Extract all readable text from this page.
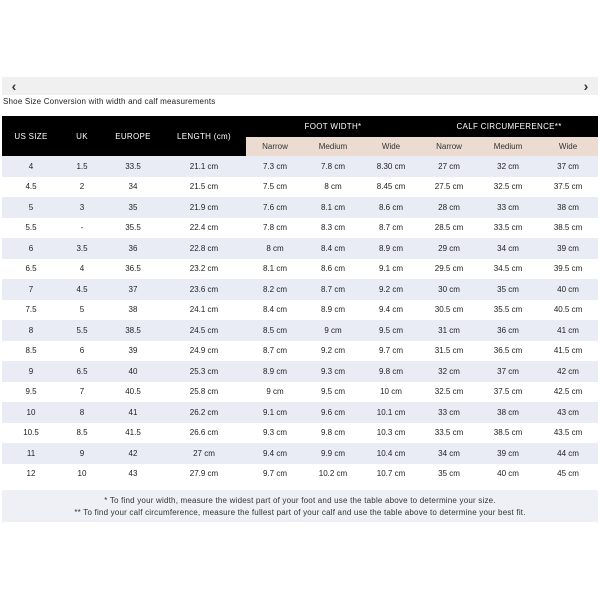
‹	›
Shoe Size Conversion with width and calf measurements
US SIZE	UK	EUROPE	LENGTH (cm)	FOOT WIDTH*			CALF CIRCUMFERENCE**		
				Narrow	Medium	Wide	Narrow	Medium	Wide
4	1.5	33.5	21.1 cm	7.3 cm	7.8 cm	8.30 cm	27 cm	32 cm	37 cm
4.5	2	34	21.5 cm	7.5 cm	8 cm	8.45 cm	27.5 cm	32.5 cm	37.5 cm
5	3	35	21.9 cm	7.6 cm	8.1 cm	8.6 cm	28 cm	33 cm	38 cm
5.5	-	35.5	22.4 cm	7.8 cm	8.3 cm	8.7 cm	28.5 cm	33.5 cm	38.5 cm
6	3.5	36	22.8 cm	8 cm	8.4 cm	8.9 cm	29 cm	34 cm	39 cm
6.5	4	36.5	23.2 cm	8.1 cm	8.6 cm	9.1 cm	29.5 cm	34.5 cm	39.5 cm
7	4.5	37	23.6 cm	8.2 cm	8.7 cm	9.2 cm	30 cm	35 cm	40 cm
7.5	5	38	24.1 cm	8.4 cm	8.9 cm	9.4 cm	30.5 cm	35.5 cm	40.5 cm
8	5.5	38.5	24.5 cm	8.5 cm	9 cm	9.5 cm	31 cm	36 cm	41 cm
8.5	6	39	24.9 cm	8.7 cm	9.2 cm	9.7 cm	31.5 cm	36.5 cm	41.5 cm
9	6.5	40	25.3 cm	8.9 cm	9.3 cm	9.8 cm	32 cm	37 cm	42 cm
9.5	7	40.5	25.8 cm	9 cm	9.5 cm	10 cm	32.5 cm	37.5 cm	42.5 cm
10	8	41	26.2 cm	9.1 cm	9.6 cm	10.1 cm	33 cm	38 cm	43 cm
10.5	8.5	41.5	26.6 cm	9.3 cm	9.8 cm	10.3 cm	33.5 cm	38.5 cm	43.5 cm
11	9	42	27 cm	9.4 cm	9.9 cm	10.4 cm	34 cm	39 cm	44 cm
12	10	43	27.9 cm	9.7 cm	10.2 cm	10.7 cm	35 cm	40 cm	45 cm
* To find your width, measure the widest part of your foot and use the table above to determine your size.
** To find your calf circumference, measure the fullest part of your calf and use the table above to determine your best fit.
